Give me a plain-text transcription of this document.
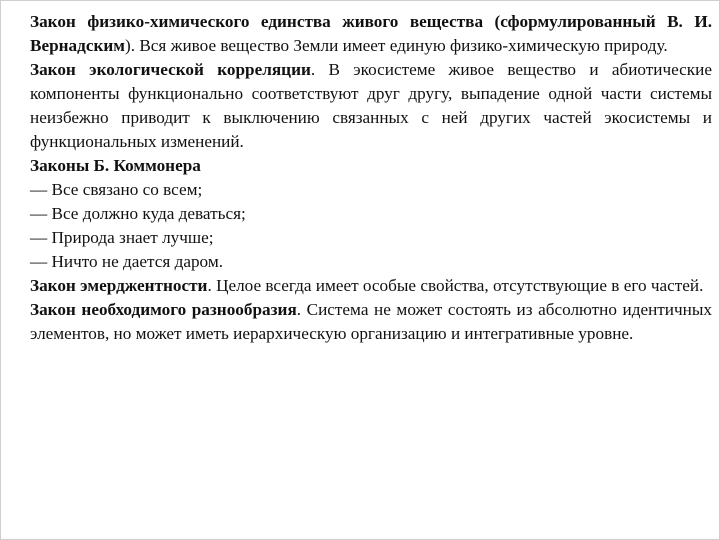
Закон физико-химического единства живого вещества (сформулированный В. И. Вернадским). Вся живое вещество Земли имеет единую физико-химическую природу.

Закон экологической корреляции. В экосистеме живое вещество и абиотические компоненты функционально соответствуют друг другу, выпадение одной части системы неизбежно приводит к выключению связанных с ней других частей экосистемы и функциональных изменений.

Законы Б. Коммонера

— Все связано со всем;

— Все должно куда деваться;

— Природа знает лучше;

— Ничто не дается даром.

Закон эмерджентности. Целое всегда имеет особые свойства, отсутствующие в его частей.

Закон необходимого разнообразия. Система не может состоять из абсолютно идентичных элементов, но может иметь иерархическую организацию и интегративные уровне.
